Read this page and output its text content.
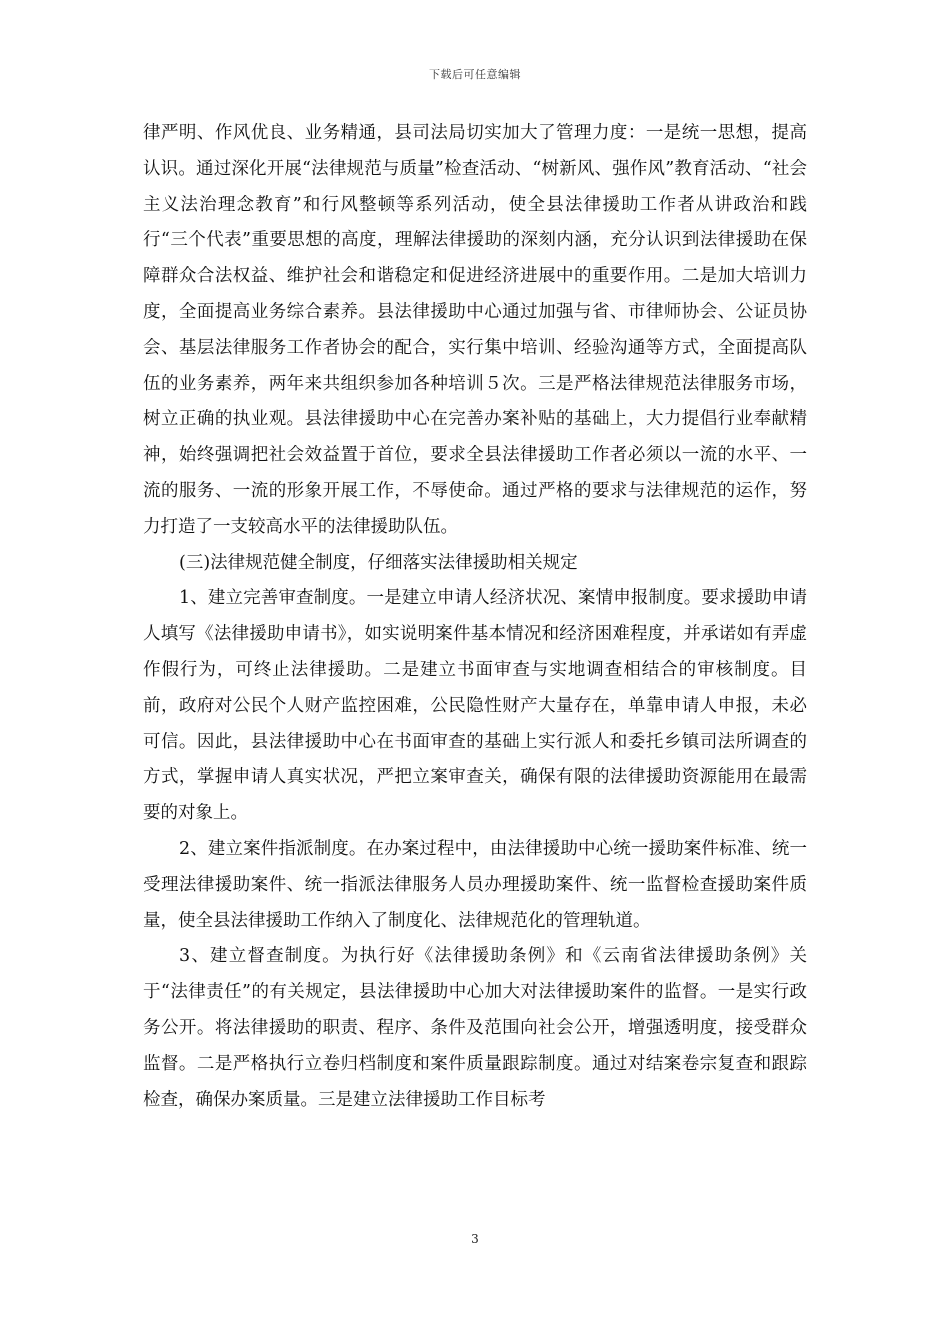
下载后可任意编辑

律严明、作风优良、业务精通，县司法局切实加大了管理力度：一是统一思想，提高认识。通过深化开展“法律规范与质量”检查活动、“树新风、强作风”教育活动、“社会主义法治理念教育”和行风整顿等系列活动，使全县法律援助工作者从讲政治和践行“三个代表”重要思想的高度，理解法律援助的深刻内涵，充分认识到法律援助在保障群众合法权益、维护社会和谐稳定和促进经济进展中的重要作用。二是加大培训力度，全面提高业务综合素养。县法律援助中心通过加强与省、市律师协会、公证员协会、基层法律服务工作者协会的配合，实行集中培训、经验沟通等方式，全面提高队伍的业务素养，两年来共组织参加各种培训５次。三是严格法律规范法律服务市场，树立正确的执业观。县法律援助中心在完善办案补贴的基础上，大力提倡行业奉献精神，始终强调把社会效益置于首位，要求全县法律援助工作者必须以一流的水平、一流的服务、一流的形象开展工作，不辱使命。通过严格的要求与法律规范的运作，努力打造了一支较高水平的法律援助队伍。

(三)法律规范健全制度，仔细落实法律援助相关规定

1、建立完善审查制度。一是建立申请人经济状况、案情申报制度。要求援助申请人填写《法律援助申请书》，如实说明案件基本情况和经济困难程度，并承诺如有弄虚作假行为，可终止法律援助。二是建立书面审查与实地调查相结合的审核制度。目前，政府对公民个人财产监控困难，公民隐性财产大量存在，单靠申请人申报，未必可信。因此，县法律援助中心在书面审查的基础上实行派人和委托乡镇司法所调查的方式，掌握申请人真实状况，严把立案审查关，确保有限的法律援助资源能用在最需要的对象上。

2、建立案件指派制度。在办案过程中，由法律援助中心统一援助案件标准、统一受理法律援助案件、统一指派法律服务人员办理援助案件、统一监督检查援助案件质量，使全县法律援助工作纳入了制度化、法律规范化的管理轨道。

3、建立督查制度。为执行好《法律援助条例》和《云南省法律援助条例》关于“法律责任”的有关规定，县法律援助中心加大对法律援助案件的监督。一是实行政务公开。将法律援助的职责、程序、条件及范围向社会公开，增强透明度，接受群众监督。二是严格执行立卷归档制度和案件质量跟踪制度。通过对结案卷宗复查和跟踪检查，确保办案质量。三是建立法律援助工作目标考

3
